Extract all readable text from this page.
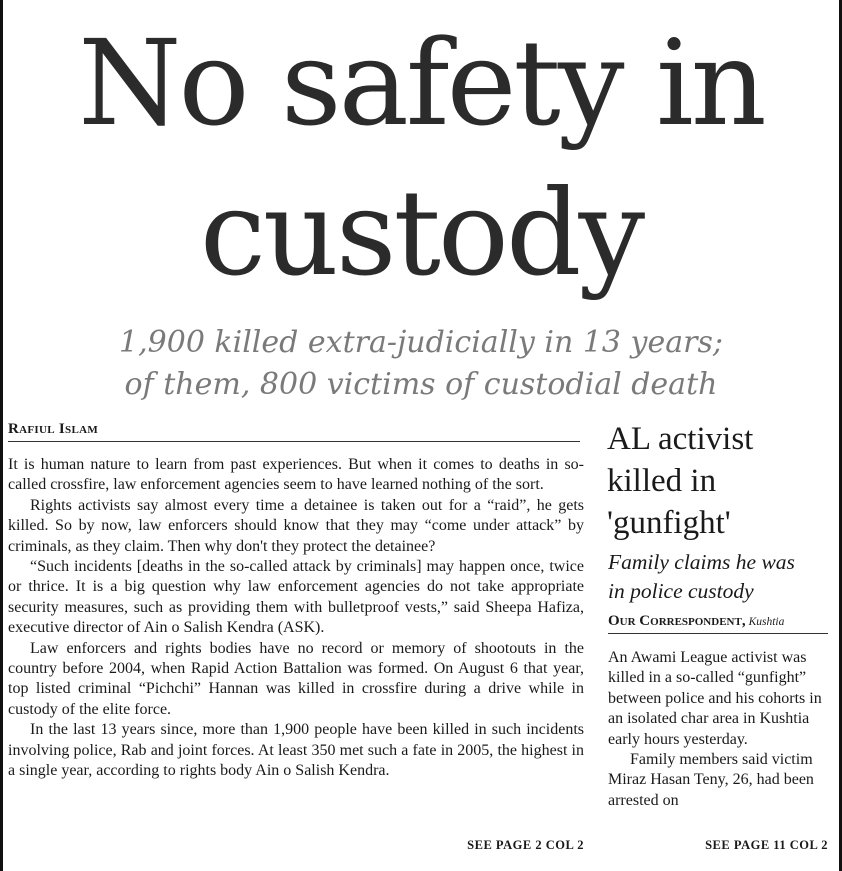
No safety in
custody
1,900 killed extra-judicially in 13 years;
of them, 800 victims of custodial death
Rafiul Islam

It is human nature to learn from past experiences. But when it comes to deaths in so-called crossfire, law enforcement agencies seem to have learned nothing of the sort.

Rights activists say almost every time a detainee is taken out for a “raid”, he gets killed. So by now, law enforcers should know that they may “come under attack” by criminals, as they claim. Then why don't they protect the detainee?

“Such incidents [deaths in the so-called attack by criminals] may happen once, twice or thrice. It is a big question why law enforcement agencies do not take appropriate security measures, such as providing them with bulletproof vests,” said Sheepa Hafiza, executive director of Ain o Salish Kendra (ASK).

Law enforcers and rights bodies have no record or memory of shootouts in the country before 2004, when Rapid Action Battalion was formed. On August 6 that year, top listed criminal “Pichchi” Hannan was killed in crossfire during a drive while in custody of the elite force.

In the last 13 years since, more than 1,900 people have been killed in such incidents involving police, Rab and joint forces. At least 350 met such a fate in 2005, the highest in a single year, according to rights body Ain o Salish Kendra.

SEE PAGE 2 COL 2
AL activist
killed in
'gunfight'
Family claims he was
in police custody
Our Correspondent, Kushtia

An Awami League activist was killed in a so-called “gunfight” between police and his cohorts in an isolated char area in Kushtia early hours yesterday.

Family members said victim Miraz Hasan Teny, 26, had been arrested on

SEE PAGE 11 COL 2
